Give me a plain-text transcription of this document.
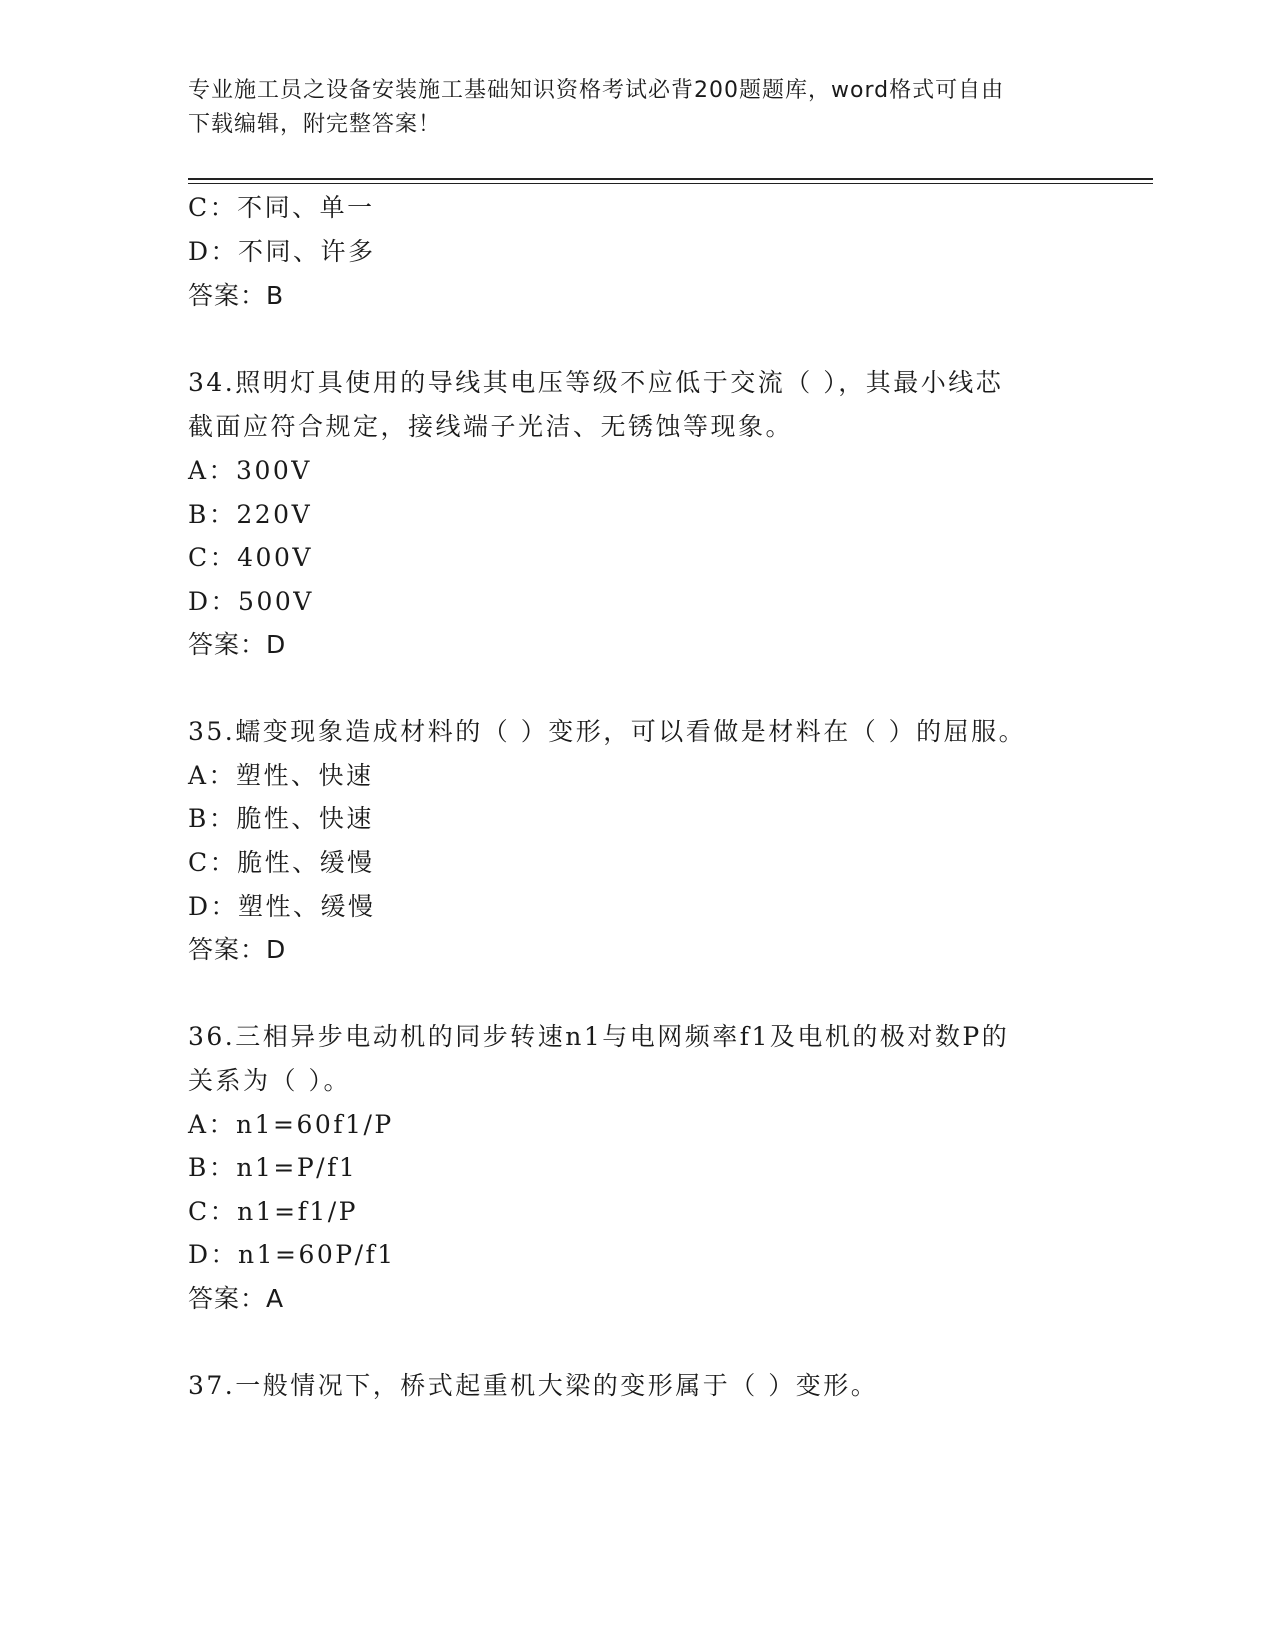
专业施工员之设备安装施工基础知识资格考试必背200题题库，word格式可自由
下载编辑，附完整答案！
C：不同、单一
D：不同、许多
答案：B
34.照明灯具使用的导线其电压等级不应低于交流（ ），其最小线芯
截面应符合规定，接线端子光洁、无锈蚀等现象。
A：300V
B：220V
C：400V
D：500V
答案：D
35.蠕变现象造成材料的（ ）变形，可以看做是材料在（ ）的屈服。
A：塑性、快速
B：脆性、快速
C：脆性、缓慢
D：塑性、缓慢
答案：D
36.三相异步电动机的同步转速n1与电网频率f1及电机的极对数P的
关系为（ ）。
A：n1=60f1/P
B：n1=P/f1
C：n1=f1/P
D：n1=60P/f1
答案：A
37.一般情况下，桥式起重机大梁的变形属于（ ）变形。
